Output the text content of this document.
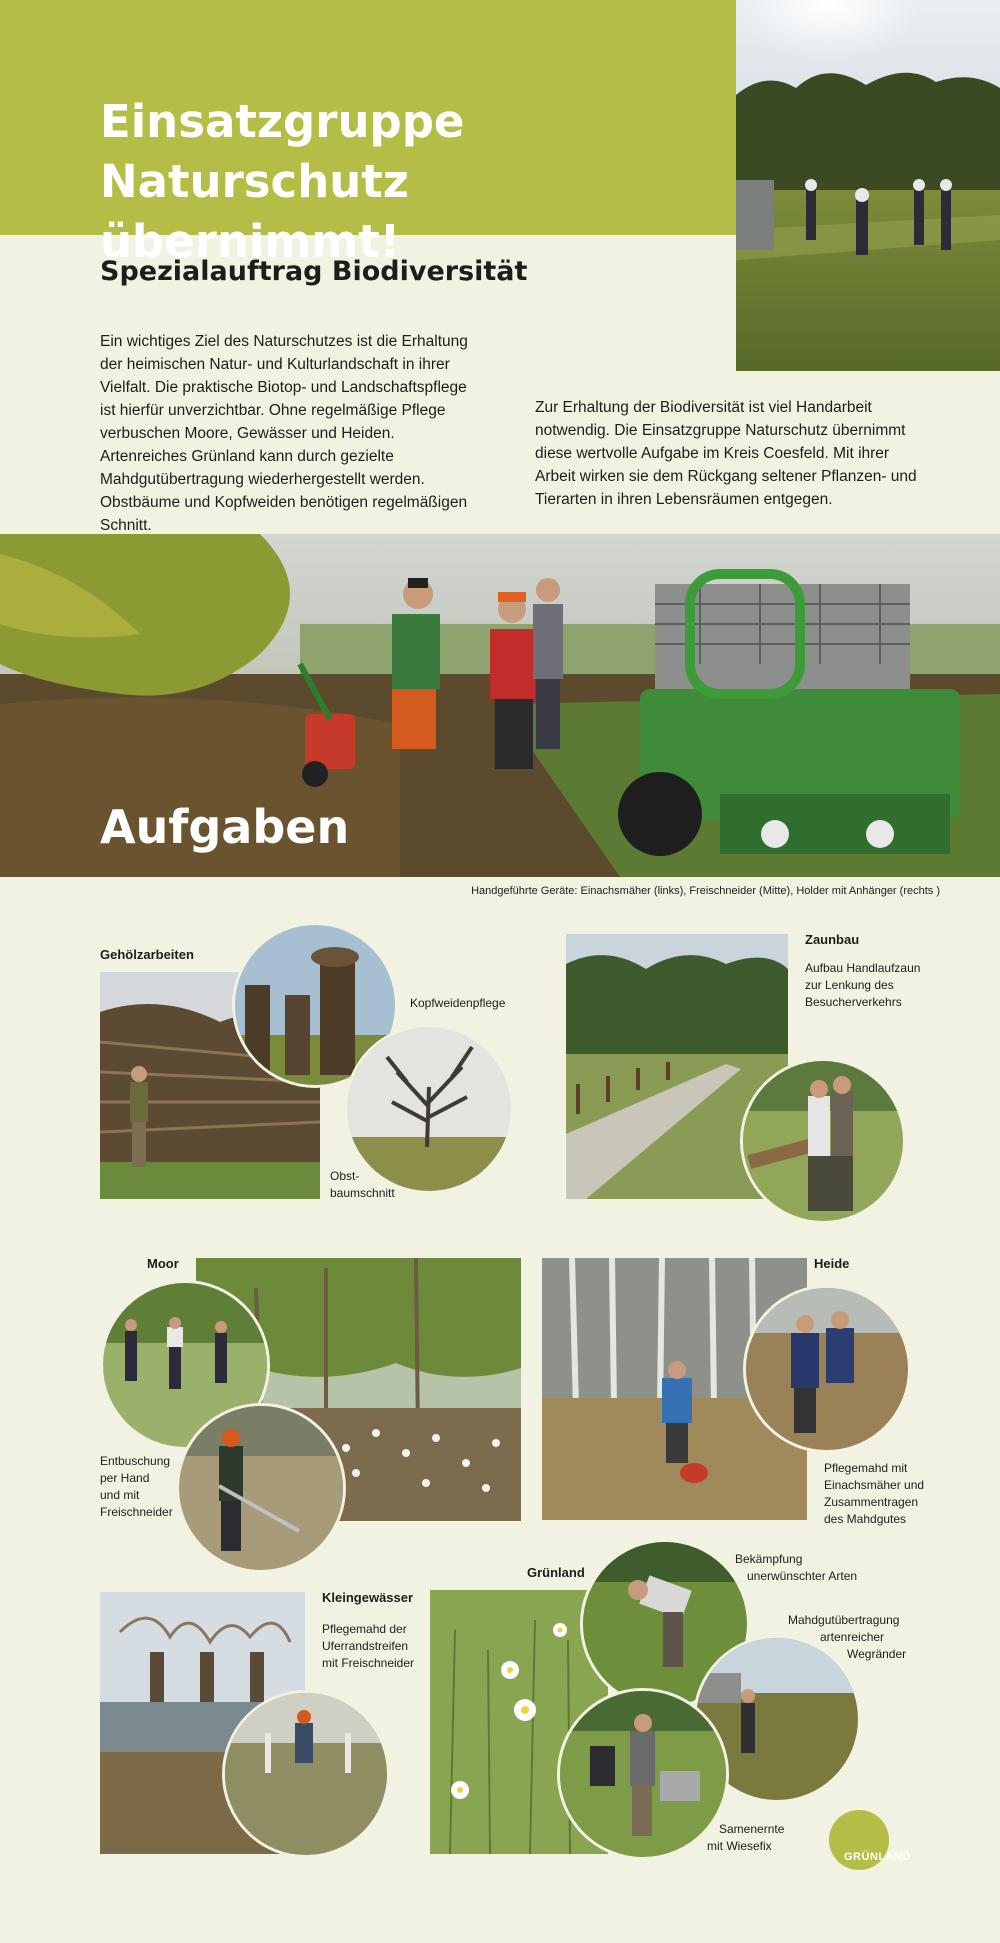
Einsatzgruppe Naturschutz
übernimmt!
Spezialauftrag Biodiversität

Ein wichtiges Ziel des Naturschutzes ist die Erhaltung der heimischen Natur- und Kulturlandschaft in ihrer Vielfalt. Die praktische Biotop- und Landschaftspflege ist hierfür unverzichtbar. Ohne regelmäßige Pflege verbuschen Moore, Gewässer und Heiden. Artenreiches Grünland kann durch gezielte Mahdgutübertragung wiederhergestellt werden. Obstbäume und Kopfweiden benötigen regelmäßigen Schnitt.

Zur Erhaltung der Biodiversität ist viel Handarbeit notwendig. Die Einsatzgruppe Naturschutz übernimmt diese wertvolle Aufgabe im Kreis Coesfeld. Mit ihrer Arbeit wirken sie dem Rückgang seltener Pflanzen- und Tierarten in ihren Lebensräumen entgegen.

Aufgaben

Handgeführte Geräte: Einachsmäher (links), Freischneider (Mitte), Holder mit Anhänger (rechts )

Gehölzarbeiten

Kopfweidenpflege

Obst-

baumschnitt

Zaunbau

Aufbau Handlaufzaun

zur Lenkung des

Besucherverkehrs

Moor

Entbuschung

per Hand

und mit

Freischneider

Heide

Pflegemahd mit

Einachsmäher und

Zusammentragen

des Mahdgutes

Kleingewässer

Pflegemahd der

Uferrandstreifen

mit Freischneider

Grünland

Bekämpfung

unerwünschter Arten

Mahdgutübertragung

artenreicher

Wegränder

Samenernte

mit Wiesefix

GRÜNLAND
